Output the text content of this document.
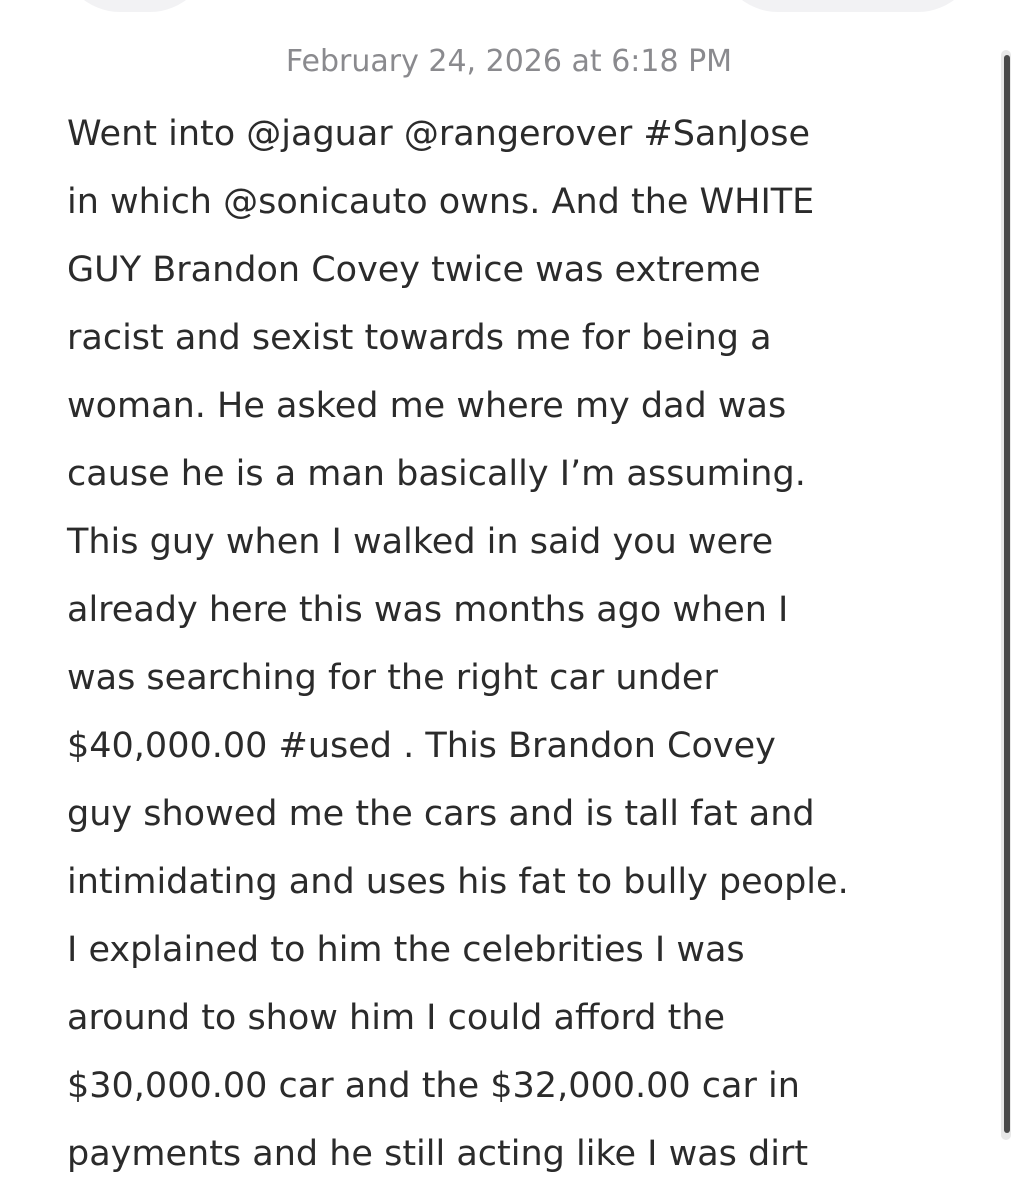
February 24, 2026 at 6:18 PM
Went into @jaguar @rangerover #SanJose
in which @sonicauto owns. And the WHITE
GUY Brandon Covey twice was extreme
racist and sexist towards me for being a
woman. He asked me where my dad was
cause he is a man basically I’m assuming.
This guy when I walked in said you were
already here this was months ago when I
was searching for the right car under
$40,000.00 #used . This Brandon Covey
guy showed me the cars and is tall fat and
intimidating and uses his fat to bully people.
I explained to him the celebrities I was
around to show him I could afford the
$30,000.00 car and the $32,000.00 car in
payments and he still acting like I was dirt
